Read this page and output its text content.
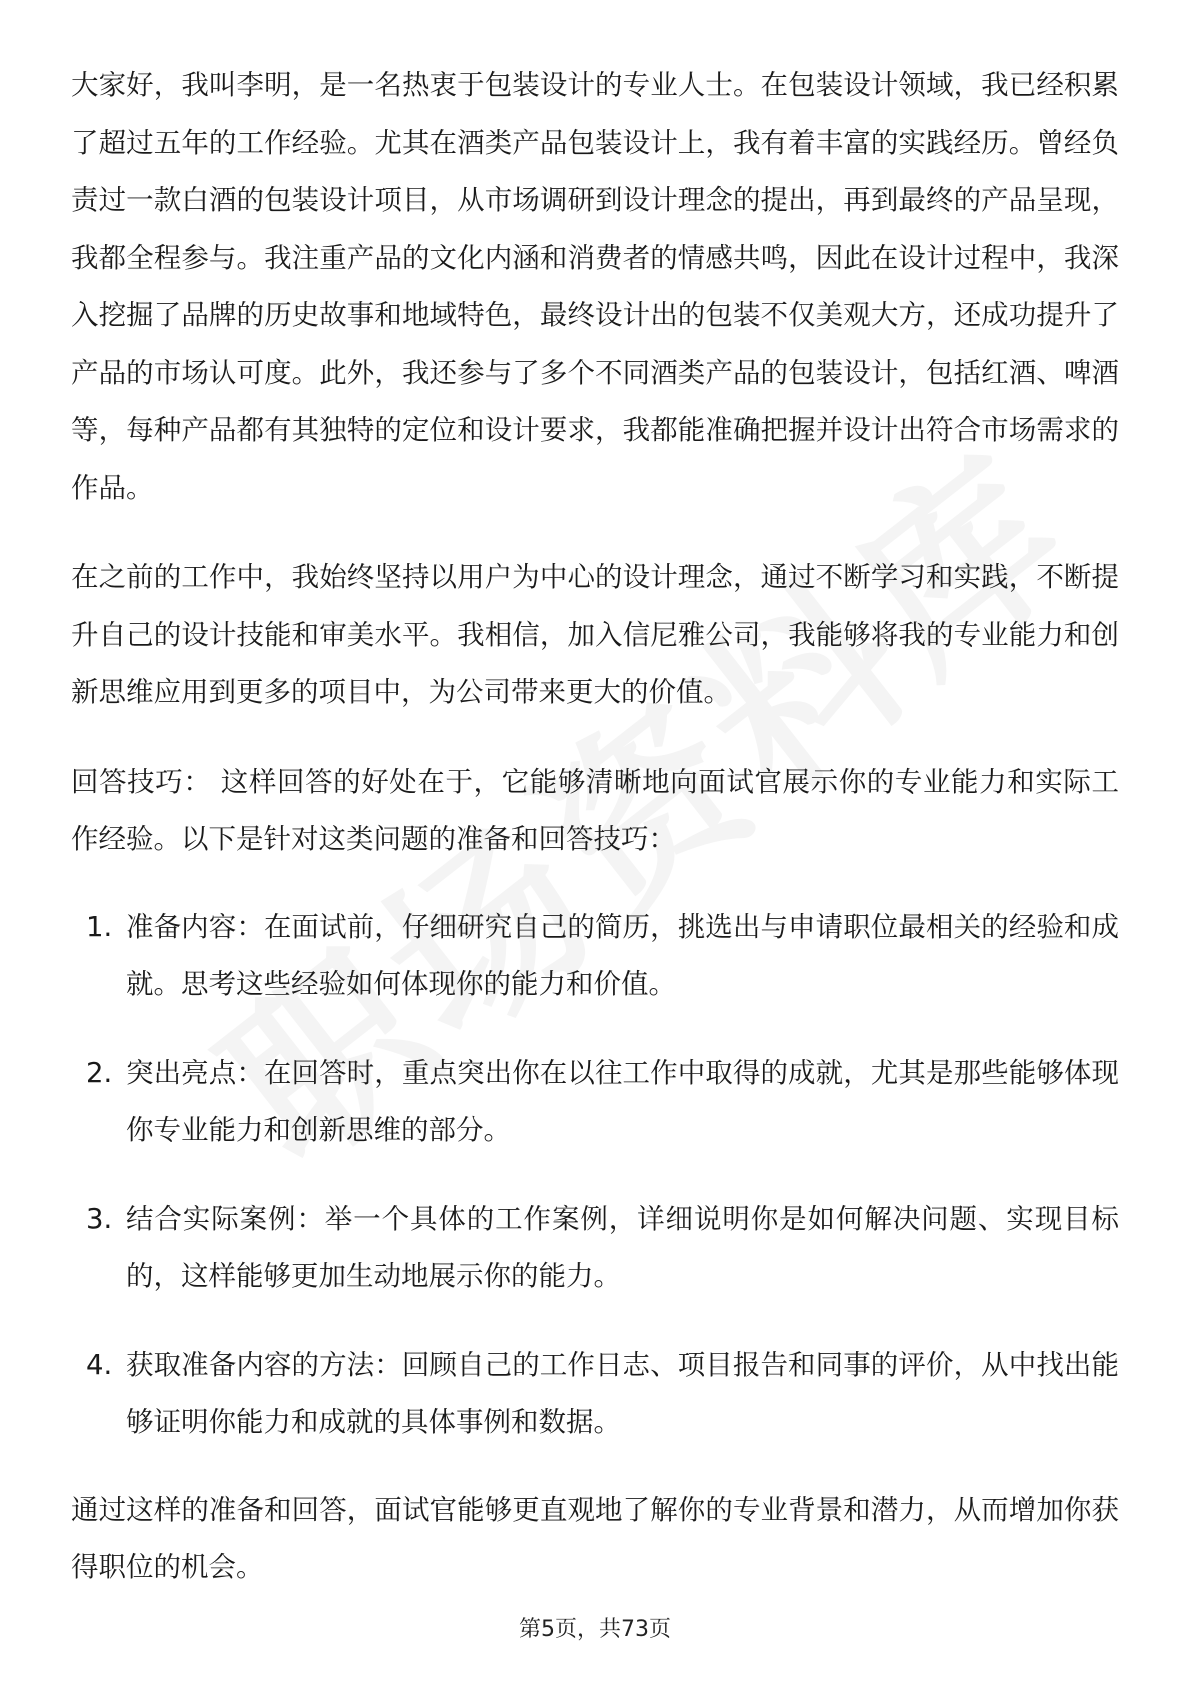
大家好，我叫李明，是一名热衷于包装设计的专业人士。在包装设计领域，我已经积累了超过五年的工作经验。尤其在酒类产品包装设计上，我有着丰富的实践经历。曾经负责过一款白酒的包装设计项目，从市场调研到设计理念的提出，再到最终的产品呈现，我都全程参与。我注重产品的文化内涵和消费者的情感共鸣，因此在设计过程中，我深入挖掘了品牌的历史故事和地域特色，最终设计出的包装不仅美观大方，还成功提升了产品的市场认可度。此外，我还参与了多个不同酒类产品的包装设计，包括红酒、啤酒等，每种产品都有其独特的定位和设计要求，我都能准确把握并设计出符合市场需求的作品。

在之前的工作中，我始终坚持以用户为中心的设计理念，通过不断学习和实践，不断提升自己的设计技能和审美水平。我相信，加入信尼雅公司，我能够将我的专业能力和创新思维应用到更多的项目中，为公司带来更大的价值。

回答技巧： 这样回答的好处在于，它能够清晰地向面试官展示你的专业能力和实际工作经验。以下是针对这类问题的准备和回答技巧：

1. 准备内容：在面试前，仔细研究自己的简历，挑选出与申请职位最相关的经验和成就。思考这些经验如何体现你的能力和价值。
2. 突出亮点：在回答时，重点突出你在以往工作中取得的成就，尤其是那些能够体现你专业能力和创新思维的部分。
3. 结合实际案例：举一个具体的工作案例，详细说明你是如何解决问题、实现目标的，这样能够更加生动地展示你的能力。
4. 获取准备内容的方法：回顾自己的工作日志、项目报告和同事的评价，从中找出能够证明你能力和成就的具体事例和数据。

通过这样的准备和回答，面试官能够更直观地了解你的专业背景和潜力，从而增加你获得职位的机会。

第5页，共73页
